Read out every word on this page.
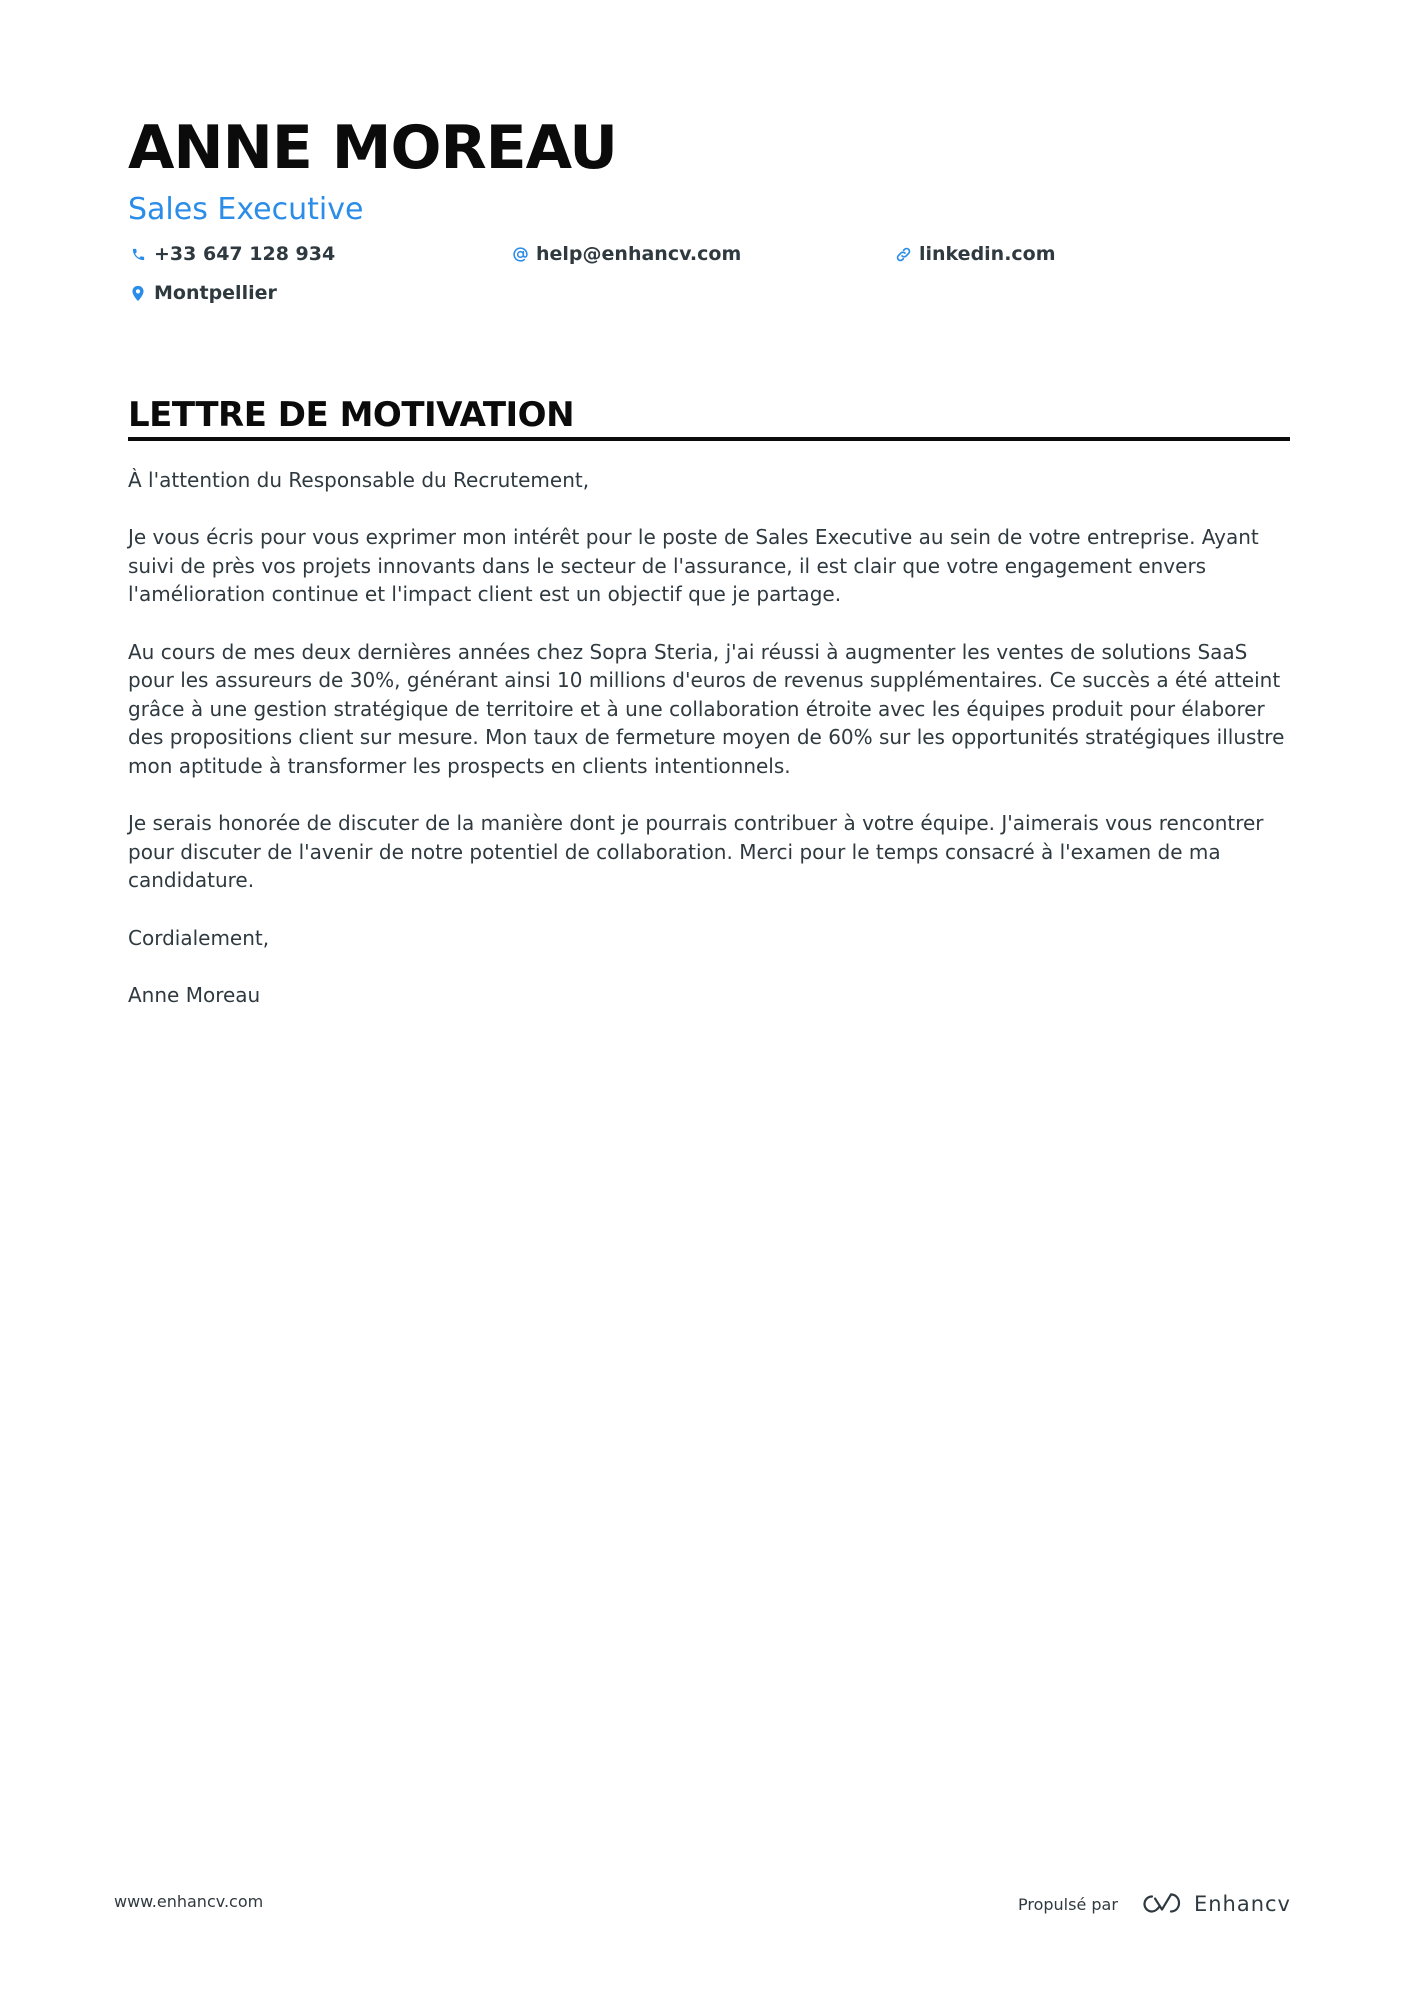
ANNE MOREAU
Sales Executive
+33 647 128 934	help@enhancv.com	linkedin.com
Montpellier
LETTRE DE MOTIVATION

À l'attention du Responsable du Recrutement,

Je vous écris pour vous exprimer mon intérêt pour le poste de Sales Executive au sein de votre entreprise. Ayant suivi de près vos projets innovants dans le secteur de l'assurance, il est clair que votre engagement envers l'amélioration continue et l'impact client est un objectif que je partage.

Au cours de mes deux dernières années chez Sopra Steria, j'ai réussi à augmenter les ventes de solutions SaaS pour les assureurs de 30%, générant ainsi 10 millions d'euros de revenus supplémentaires. Ce succès a été atteint grâce à une gestion stratégique de territoire et à une collaboration étroite avec les équipes produit pour élaborer des propositions client sur mesure. Mon taux de fermeture moyen de 60% sur les opportunités stratégiques illustre mon aptitude à transformer les prospects en clients intentionnels.

Je serais honorée de discuter de la manière dont je pourrais contribuer à votre équipe. J'aimerais vous rencontrer pour discuter de l'avenir de notre potentiel de collaboration. Merci pour le temps consacré à l'examen de ma candidature.

Cordialement,

Anne Moreau

www.enhancv.com	Propulsé par	Enhancv
